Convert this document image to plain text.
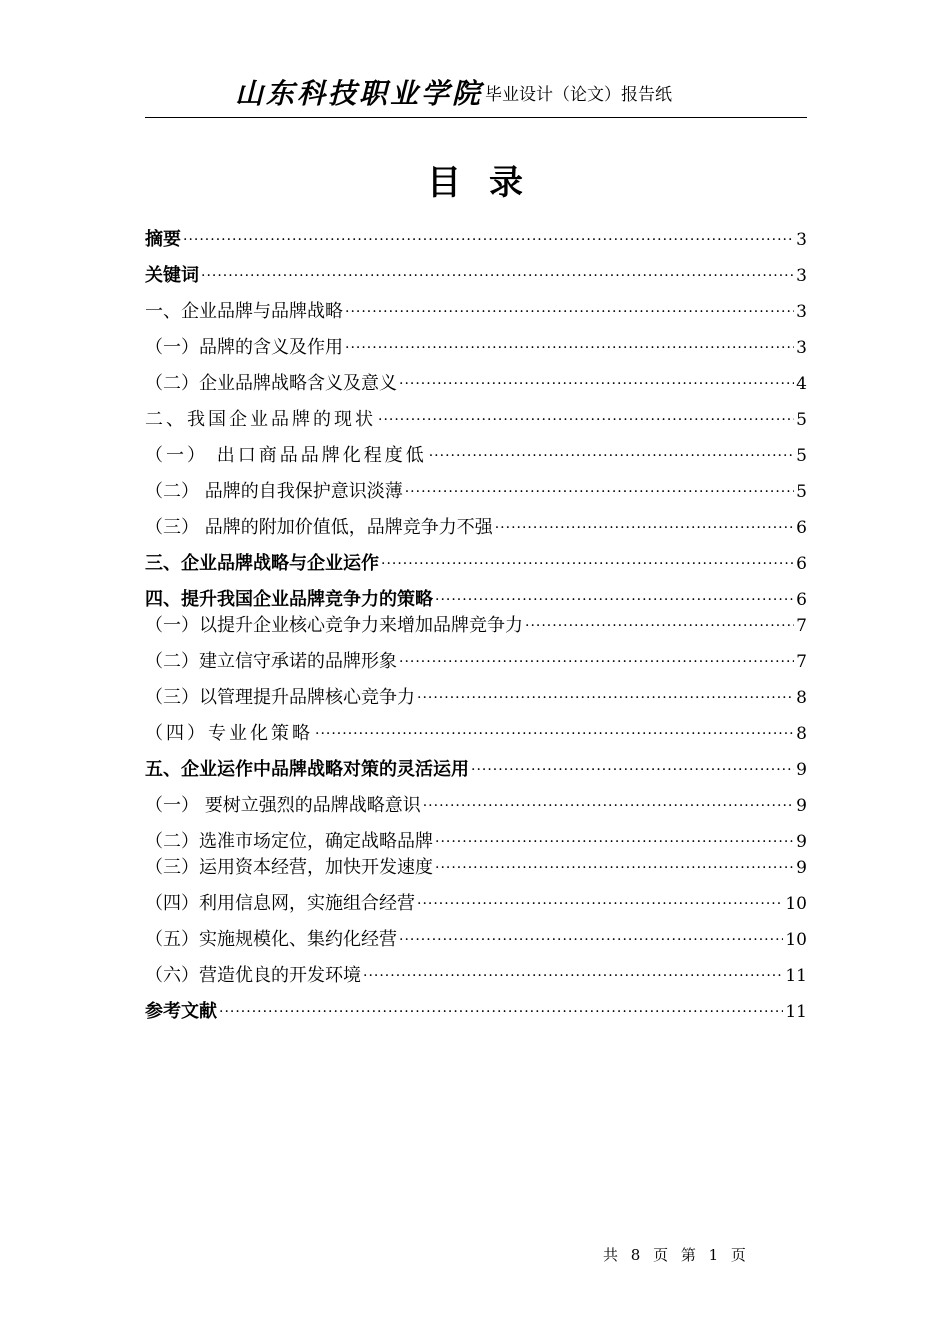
山东科技职业学院 毕业设计（论文）报告纸
目录
摘要 ·····	3
关键词 ·····	3
一、企业品牌与品牌战略 ·····	3
（一）品牌的含义及作用 ·····	3
（二）企业品牌战略含义及意义 ·····	4
二、我国企业品牌的现状 ·····	5
（一） 出口商品品牌化程度低 ·····	5
（二） 品牌的自我保护意识淡薄 ·····	5
（三） 品牌的附加价值低，品牌竞争力不强 ·····	6
三、企业品牌战略与企业运作 ·····	6
四、提升我国企业品牌竞争力的策略 ·····	6
（一）以提升企业核心竞争力来增加品牌竞争力 ·····	7
（二）建立信守承诺的品牌形象 ·····	7
（三）以管理提升品牌核心竞争力 ·····	8
（四）专业化策略 ·····	8
五、企业运作中品牌战略对策的灵活运用 ·····	9
（一） 要树立强烈的品牌战略意识 ·····	9
（二）选准市场定位，确定战略品牌 ·····	9
（三）运用资本经营，加快开发速度 ·····	9
（四）利用信息网，实施组合经营 ·····	10
（五）实施规模化、集约化经营 ·····	10
（六）营造优良的开发环境 ·····	11
参考文献 ·····	11
共 8 页 第 1 页
